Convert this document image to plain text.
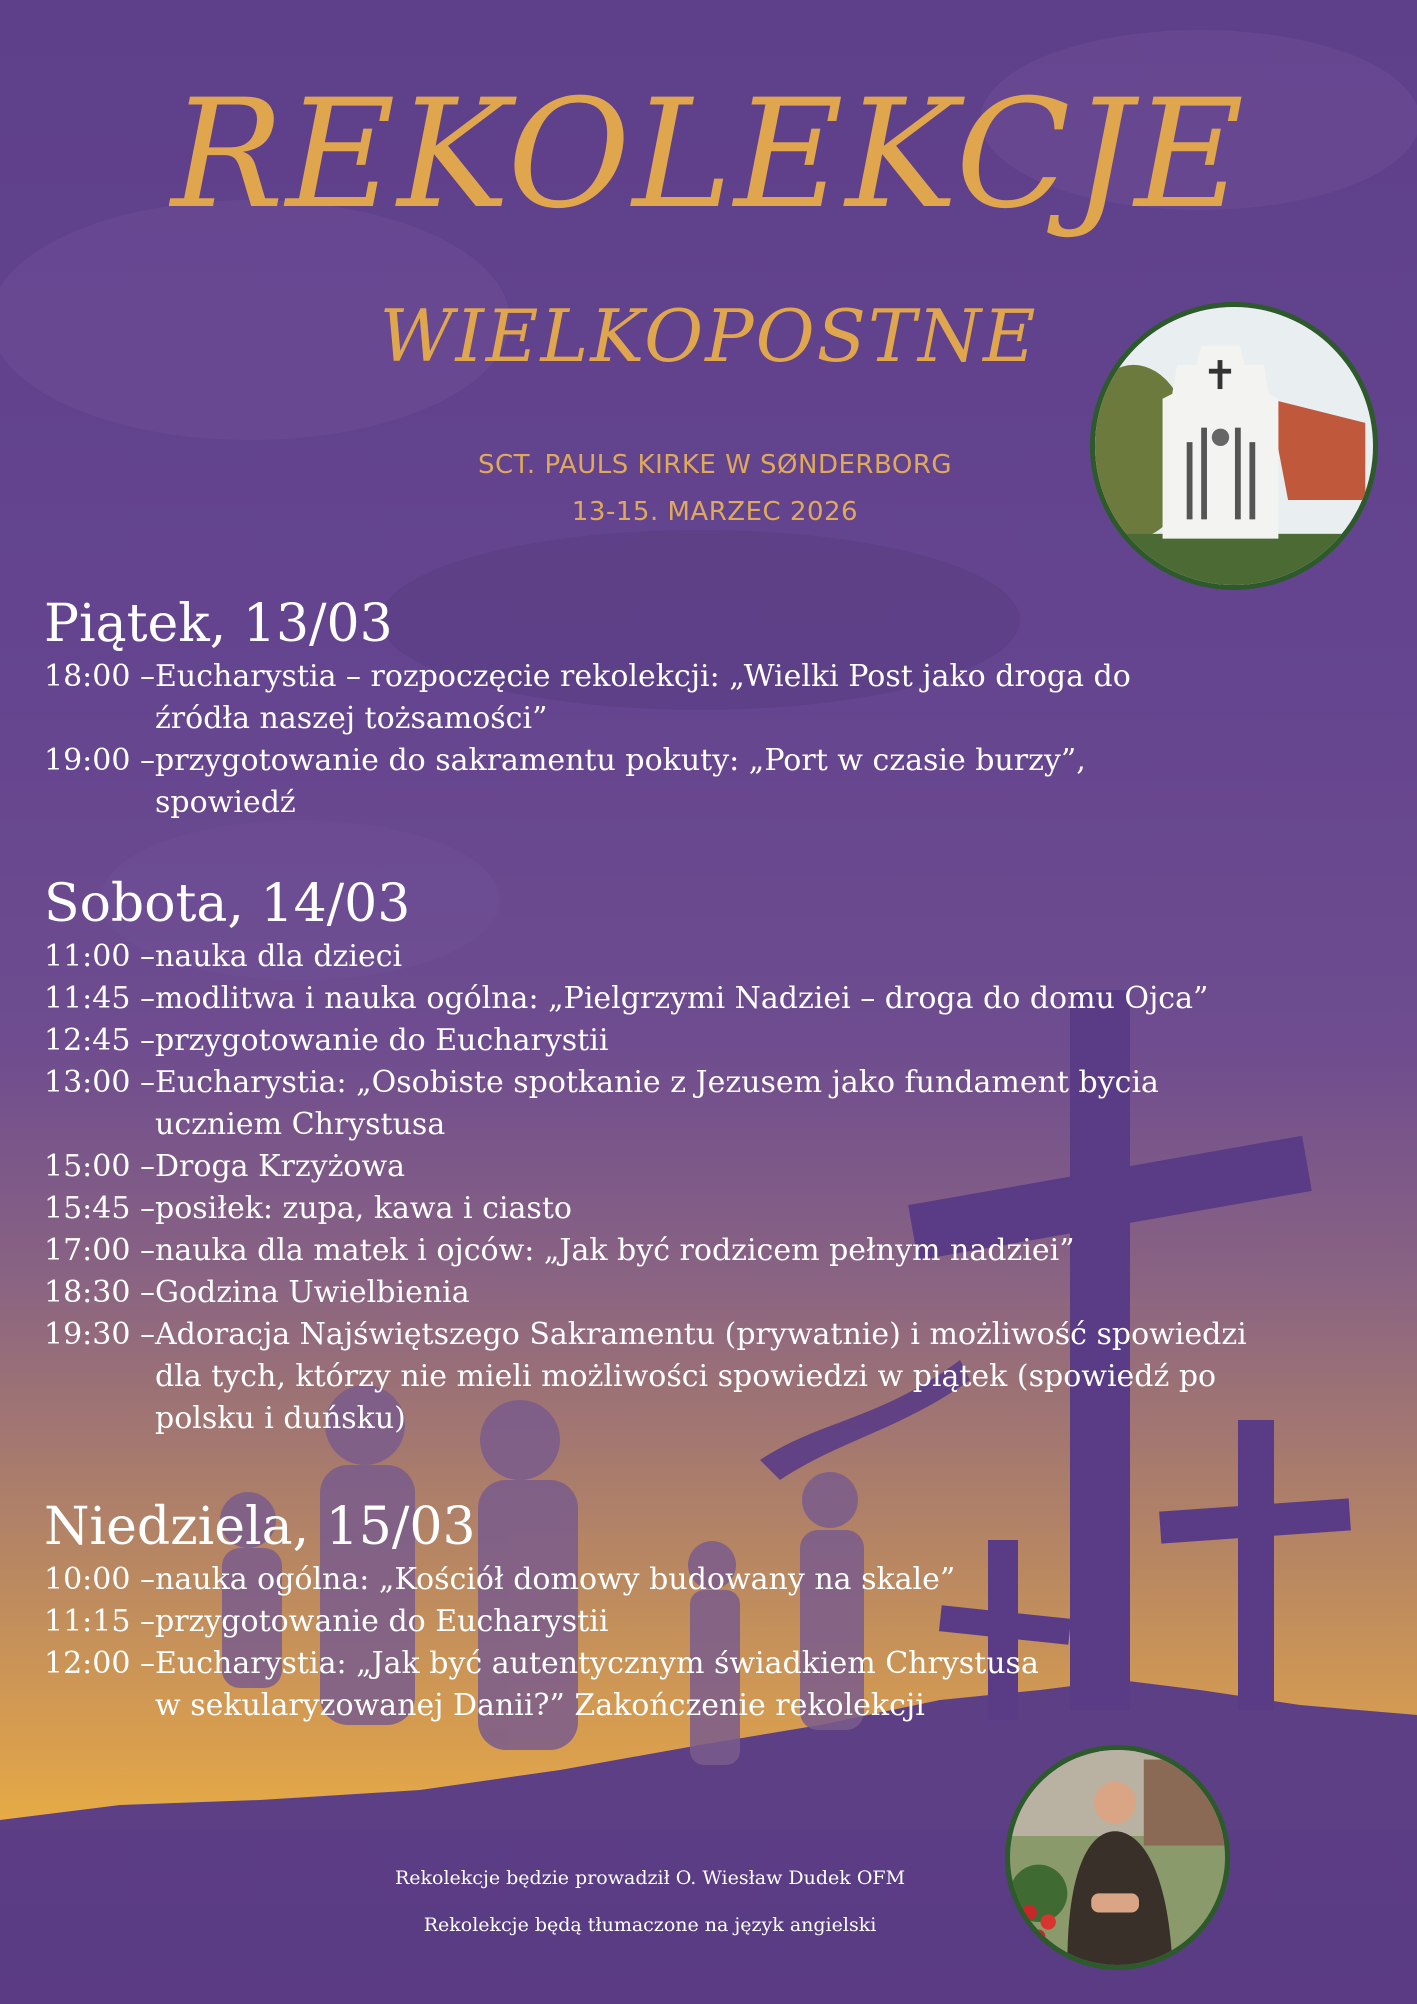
REKOLEKCJE
WIELKOPOSTNE
SCT. PAULS KIRKE W SØNDERBORG
13-15. MARZEC 2026
Piątek, 13/03
18:00 – Eucharystia – rozpoczęcie rekolekcji: „Wielki Post jako droga do źródła naszej tożsamości”
19:00 – przygotowanie do sakramentu pokuty: „Port w czasie burzy”, spowiedź
Sobota, 14/03
11:00 – nauka dla dzieci
11:45 – modlitwa i nauka ogólna: „Pielgrzymi Nadziei – droga do domu Ojca”
12:45 – przygotowanie do Eucharystii
13:00 – Eucharystia: „Osobiste spotkanie z Jezusem jako fundament bycia uczniem Chrystusa
15:00 – Droga Krzyżowa
15:45 – posiłek: zupa, kawa i ciasto
17:00 – nauka dla matek i ojców: „Jak być rodzicem pełnym nadziei”
18:30 – Godzina Uwielbienia
19:30 – Adoracja Najświętszego Sakramentu (prywatnie) i możliwość spowiedzi dla tych, którzy nie mieli możliwości spowiedzi w piątek (spowiedź po polsku i duńsku)
Niedziela, 15/03
10:00 – nauka ogólna: „Kościół domowy budowany na skale”
11:15 – przygotowanie do Eucharystii
12:00 – Eucharystia: „Jak być autentycznym świadkiem Chrystusa w sekularyzowanej Danii?” Zakończenie rekolekcji
Rekolekcje będzie prowadził O. Wiesław Dudek OFM
Rekolekcje będą tłumaczone na język angielski
